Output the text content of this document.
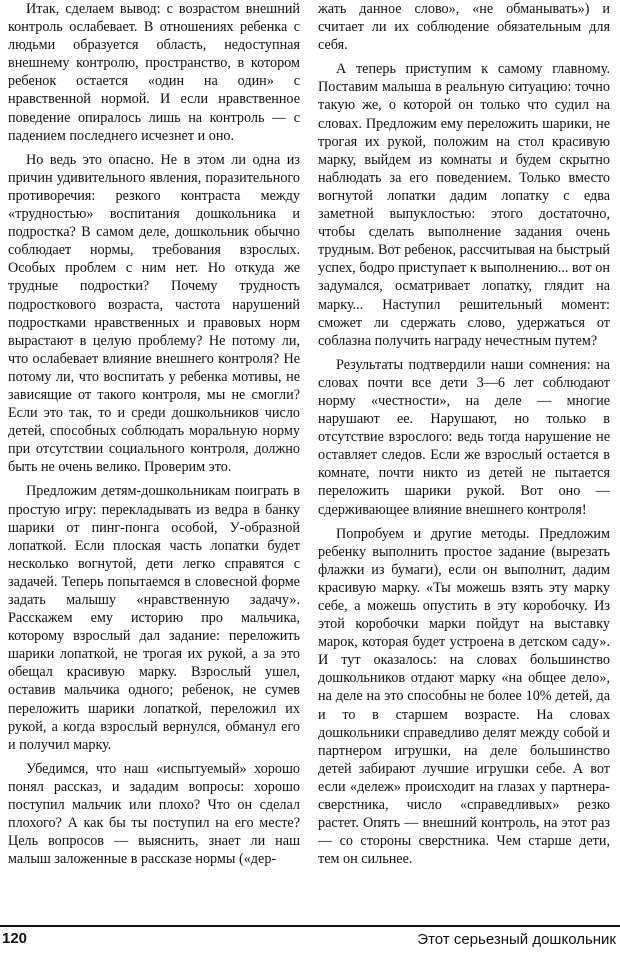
Итак, сделаем вывод: с возрастом внешний контроль ослабевает. В отношениях ребенка с людьми образуется область, недоступная внешнему контролю, пространство, в котором ребенок остается «один на один» с нравственной нормой. И если нравственное поведение опиралось лишь на контроль — с падением последнего исчезнет и оно.

Но ведь это опасно. Не в этом ли одна из причин удивительного явления, поразительного противоречия: резкого контраста между «трудностью» воспитания дошкольника и подростка? В самом деле, дошкольник обычно соблюдает нормы, требования взрослых. Особых проблем с ним нет. Но откуда же трудные подростки? Почему трудность подросткового возраста, частота нарушений подростками нравственных и правовых норм вырастают в целую проблему? Не потому ли, что ослабевает влияние внешнего контроля? Не потому ли, что воспитать у ребенка мотивы, не зависящие от такого контроля, мы не смогли? Если это так, то и среди дошкольников число детей, способных соблюдать моральную норму при отсутствии социального контроля, должно быть не очень велико. Проверим это.

Предложим детям-дошкольникам поиграть в простую игру: перекладывать из ведра в банку шарики от пинг-понга особой, У-образной лопаткой. Если плоская часть лопатки будет несколько вогнутой, дети легко справятся с задачей. Теперь попытаемся в словесной форме задать малышу «нравственную задачу». Расскажем ему историю про мальчика, которому взрослый дал задание: переложить шарики лопаткой, не трогая их рукой, а за это обещал красивую марку. Взрослый ушел, оставив мальчика одного; ребенок, не сумев переложить шарики лопаткой, переложил их рукой, а когда взрослый вернулся, обманул его и получил марку.

Убедимся, что наш «испытуемый» хорошо понял рассказ, и зададим вопросы: хорошо поступил мальчик или плохо? Что он сделал плохого? А как бы ты поступил на его месте? Цель вопросов — выяснить, знает ли наш малыш заложенные в рассказе нормы («дер-

жать данное слово», «не обманывать») и считает ли их соблюдение обязательным для себя.

А теперь приступим к самому главному. Поставим малыша в реальную ситуацию: точно такую же, о которой он только что судил на словах. Предложим ему переложить шарики, не трогая их рукой, положим на стол красивую марку, выйдем из комнаты и будем скрытно наблюдать за его поведением. Только вместо вогнутой лопатки дадим лопатку с едва заметной выпуклостью: этого достаточно, чтобы сделать выполнение задания очень трудным. Вот ребенок, рассчитывая на быстрый успех, бодро приступает к выполнению... вот он задумался, осматривает лопатку, глядит на марку... Наступил решительный момент: сможет ли сдержать слово, удержаться от соблазна получить награду нечестным путем?

Результаты подтвердили наши сомнения: на словах почти все дети 3—6 лет соблюдают норму «честности», на деле — многие нарушают ее. Нарушают, но только в отсутствие взрослого: ведь тогда нарушение не оставляет следов. Если же взрослый остается в комнате, почти никто из детей не пытается переложить шарики рукой. Вот оно — сдерживающее влияние внешнего контроля!

Попробуем и другие методы. Предложим ребенку выполнить простое задание (вырезать флажки из бумаги), если он выполнит, дадим красивую марку. «Ты можешь взять эту марку себе, а можешь опустить в эту коробочку. Из этой коробочки марки пойдут на выставку марок, которая будет устроена в детском саду». И тут оказалось: на словах большинство дошкольников отдают марку «на общее дело», на деле на это способны не более 10% детей, да и то в старшем возрасте. На словах дошкольники справедливо делят между собой и партнером игрушки, на деле большинство детей забирают лучшие игрушки себе. А вот если «дележ» происходит на глазах у партнера-сверстника, число «справедливых» резко растет. Опять — внешний контроль, на этот раз — со стороны сверстника. Чем старше дети, тем он сильнее.

120	Этот серьезный дошкольник
